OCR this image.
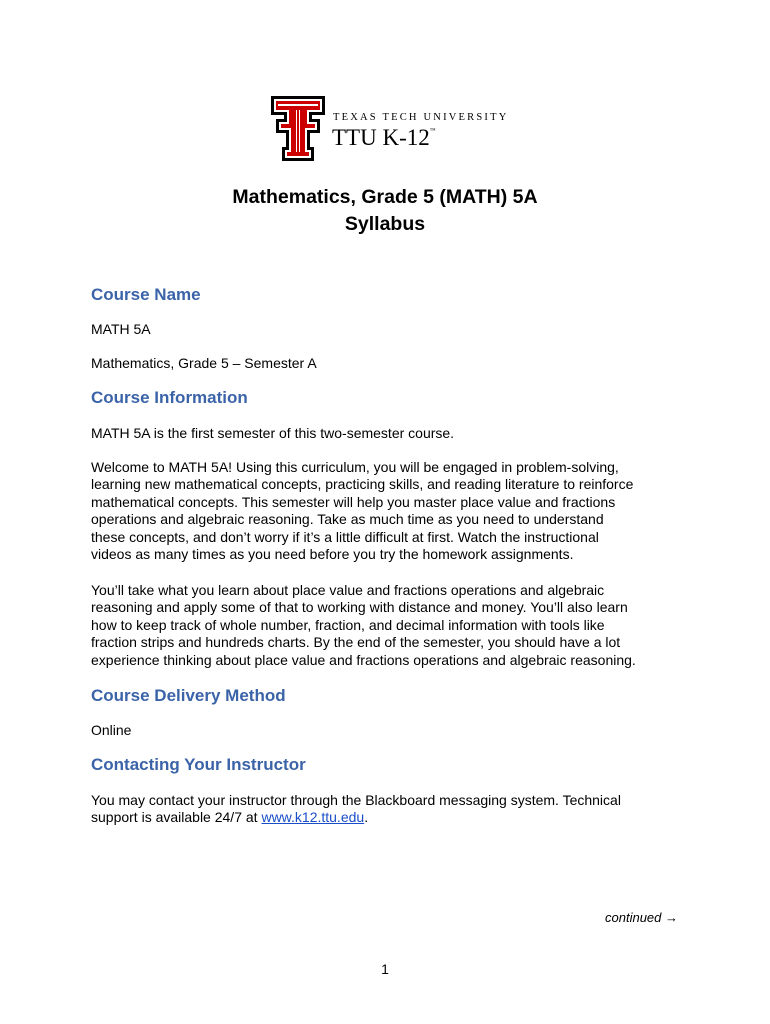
TEXAS TECH UNIVERSITY
TTU K-12™
Mathematics, Grade 5 (MATH) 5A
Syllabus
Course Name
MATH 5A
Mathematics, Grade 5 – Semester A
Course Information
MATH 5A is the first semester of this two-semester course.
Welcome to MATH 5A! Using this curriculum, you will be engaged in problem-solving,
learning new mathematical concepts, practicing skills, and reading literature to reinforce
mathematical concepts. This semester will help you master place value and fractions
operations and algebraic reasoning. Take as much time as you need to understand
these concepts, and don’t worry if it’s a little difficult at first. Watch the instructional
videos as many times as you need before you try the homework assignments.
You’ll take what you learn about place value and fractions operations and algebraic
reasoning and apply some of that to working with distance and money. You’ll also learn
how to keep track of whole number, fraction, and decimal information with tools like
fraction strips and hundreds charts. By the end of the semester, you should have a lot
experience thinking about place value and fractions operations and algebraic reasoning.
Course Delivery Method
Online
Contacting Your Instructor
You may contact your instructor through the Blackboard messaging system. Technical
support is available 24/7 at www.k12.ttu.edu.
continued →
1
